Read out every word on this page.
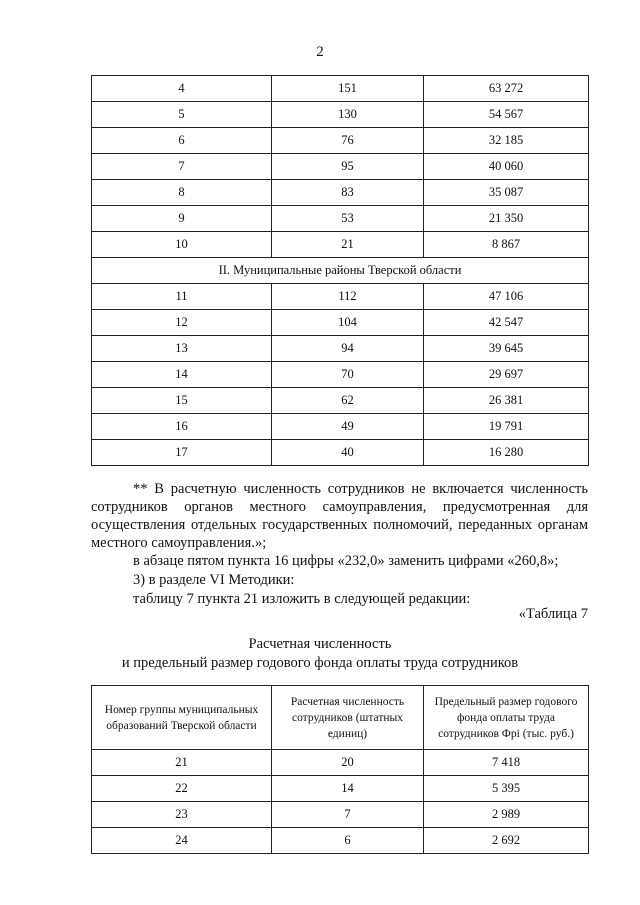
2
4	151	63 272
5	130	54 567
6	76	32 185
7	95	40 060
8	83	35 087
9	53	21 350
10	21	8 867
II. Муниципальные районы Тверской области		
11	112	47 106
12	104	42 547
13	94	39 645
14	70	29 697
15	62	26 381
16	49	19 791
17	40	16 280
** В расчетную численность сотрудников не включается численность сотрудников органов местного самоуправления, предусмотренная для осуществления отдельных государственных полномочий, переданных органам местного самоуправления.»;
в абзаце пятом пункта 16 цифры «232,0» заменить цифрами «260,8»;
3) в разделе VI Методики:
таблицу 7 пункта 21 изложить в следующей редакции:
«Таблица 7
Расчетная численность
и предельный размер годового фонда оплаты труда сотрудников
Номер группы муниципальных образований Тверской области	Расчетная численность сотрудников (штатных единиц)	Предельный размер годового фонда оплаты труда сотрудников Фрi (тыс. руб.)
21	20	7 418
22	14	5 395
23	7	2 989
24	6	2 692
